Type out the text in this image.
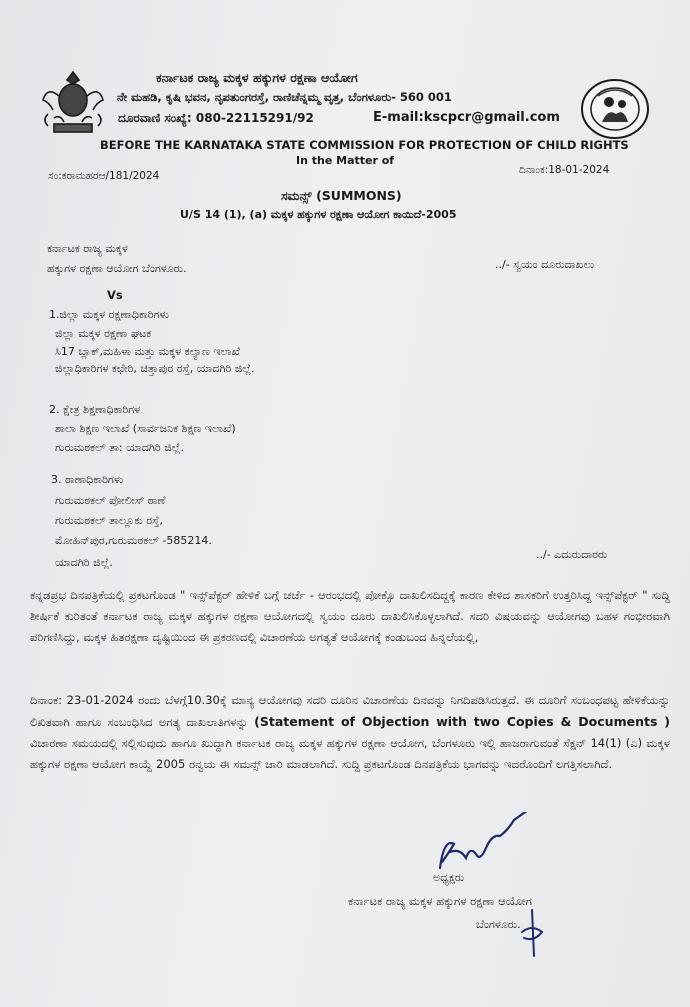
ಕರ್ನಾಟಕ ರಾಜ್ಯ ಮಕ್ಕಳ ಹಕ್ಕುಗಳ ರಕ್ಷಣಾ ಆಯೋಗ
ನೇ ಮಹಡಿ, ಕೃಷಿ ಭವನ, ನೃಪತುಂಗರಸ್ತೆ, ರಾಣಿಚೆನ್ನಮ್ಮ ವೃತ್ತ, ಬೆಂಗಳೂರು- 560 001
ದೂರವಾಣಿ ಸಂಖ್ಯೆ: 080-22115291/92	E-mail:kscpcr@gmail.com
BEFORE THE KARNATAKA STATE COMMISSION FOR PROTECTION OF CHILD RIGHTS
In the Matter of
ಸಂ:ಕರಾಮಹರಆ/181/2024	ದಿನಾಂಕ:18-01-2024
ಸಮನ್ಸ್ (SUMMONS)
U/S 14 (1), (a) ಮಕ್ಕಳ ಹಕ್ಕುಗಳ ರಕ್ಷಣಾ ಆಯೋಗ ಕಾಯಿದೆ-2005
ಕರ್ನಾಟಕ ರಾಜ್ಯ ಮಕ್ಕಳ
ಹಕ್ಕುಗಳ ರಕ್ಷಣಾ ಆಯೋಗ ಬೆಂಗಳೂರು.	../- ಸ್ವಯಂ ದೂರುದಾಖಲು
Vs
1.ಜಿಲ್ಲಾ ಮಕ್ಕಳ ರಕ್ಷಣಾಧಿಕಾರಿಗಳು
ಜಿಲ್ಲಾ ಮಕ್ಕಳ ರಕ್ಷಣಾ ಘಟಕ
ಸಿ17 ಬ್ಲಾಕ್,ಮಹಿಳಾ ಮತ್ತು ಮಕ್ಕಳ ಕಲ್ಯಾಣ ಇಲಾಖೆ
ಜಿಲ್ಲಾಧಿಕಾರಿಗಳ ಕಛೇರಿ, ಚಿತ್ತಾಪುರ ರಸ್ತೆ, ಯಾದಗಿರಿ ಜಿಲ್ಲೆ.
2. ಕ್ಷೇತ್ರ ಶಿಕ್ಷಣಾಧಿಕಾರಿಗಳ
ಶಾಲಾ ಶಿಕ್ಷಣ ಇಲಾಖೆ (ಸಾರ್ವಜನಿಕ ಶಿಕ್ಷಣ ಇಲಾಖೆ)
ಗುರುಮಠಕಲ್ ತಾ: ಯಾದಗಿರಿ ಜಿಲ್ಲೆ.
3. ಠಾಣಾಧಿಕಾರಿಗಳು
ಗುರುಮಠಕಲ್ ಪೋಲೀಸ್ ಠಾಣೆ
ಗುರುಮಠಕಲ್ ತಾಲ್ಲೂಕು ರಸ್ತೆ,
ಮೋಹಿನ್‌ಪುರ,ಗುರುಮಠಕಲ್ -585214.
ಯಾದಗಿರಿ ಜಿಲ್ಲೆ.
../- ಎದುರುದಾರರು
ಕನ್ನಡಪ್ರಭ ದಿನಪತ್ರಿಕೆಯಲ್ಲಿ ಪ್ರಕಟಗೊಂಡ " ಇನ್ಸ್‌ಪೆಕ್ಟರ್ ಹೇಳಿಕೆ ಬಗ್ಗೆ ಚರ್ಚೆ - ಆರಂಭದಲ್ಲಿ ಪೋಕ್ಸೊ ದಾಖಲಿಸದಿದ್ದಕ್ಕೆ ಕಾರಣ ಕೇಳಿದ ಶಾಸಕರಿಗೆ ಉತ್ತರಿಸಿದ್ದ ಇನ್ಸ್‌ಪೆಕ್ಟರ್ " ಸುದ್ದಿ ಶೀರ್ಷಿಕೆ ಕುರಿತಂತೆ ಕರ್ನಾಟಕ ರಾಜ್ಯ ಮಕ್ಕಳ ಹಕ್ಕುಗಳ ರಕ್ಷಣಾ ಆಯೋಗದಲ್ಲಿ ಸ್ವಯಂ ದೂರು ದಾಖಲಿಸಿಕೊಳ್ಳಲಾಗಿದೆ. ಸದರಿ ವಿಷಯವನ್ನು ಆಯೋಗವು ಬಹಳ ಗಂಭೀರವಾಗಿ ಪರಿಗಣಿಸಿದ್ದು, ಮಕ್ಕಳ ಹಿತರಕ್ಷಣಾ ದೃಷ್ಟಿಯಿಂದ ಈ ಪ್ರಕರಣದಲ್ಲಿ ವಿಚಾರಣೆಯ ಅಗತ್ಯತೆ ಆಯೋಗಕ್ಕೆ ಕಂಡುಬಂದ ಹಿನ್ನಲೆಯಲ್ಲಿ,
ದಿನಾಂಕ: 23-01-2024 ರಂದು ಬೆಳಗ್ಗೆ10.30ಕ್ಕೆ ಮಾನ್ಯ ಆಯೋಗವು ಸದರಿ ದೂರಿನ ವಿಚಾರಣೆಯ ದಿನವನ್ನು ನಿಗದಿಪಡಿಸಿರುತ್ತದೆ. ಈ ದೂರಿಗೆ ಸಂಬಂಧಪಟ್ಟ ಹೇಳಿಕೆಯನ್ನು ಲಿಖಿತವಾಗಿ ಹಾಗೂ ಸಂಬಂಧಿಸಿದ ಅಗತ್ಯ ದಾಖಲಾತಿಗಳನ್ನು (Statement of Objection with two Copies & Documents ) ವಿಚಾರಣಾ ಸಮಯದಲ್ಲಿ ಸಲ್ಲಿಸುವುದು ಹಾಗೂ ಖುದ್ದಾಗಿ ಕರ್ನಾಟಕ ರಾಜ್ಯ ಮಕ್ಕಳ ಹಕ್ಕುಗಳ ರಕ್ಷಣಾ ಆಯೋಗ, ಬೆಂಗಳೂರು ಇಲ್ಲಿ ಹಾಜರಾಗುವಂತೆ ಸೆಕ್ಷನ್ 14(1) (ಎ) ಮಕ್ಕಳ ಹಕ್ಕುಗಳ ರಕ್ಷಣಾ ಆಯೋಗ ಕಾಯ್ದೆ 2005 ರನ್ವಯ ಈ ಸಮನ್ಸ್ ಜಾರಿ ಮಾಡಲಾಗಿದೆ. ಸುದ್ದಿ ಪ್ರಕಟಗೊಂಡ ದಿನಪತ್ರಿಕೆಯ ಭಾಗವನ್ನು ಇದರೊಂದಿಗೆ ಲಗತ್ತಿಸಲಾಗಿದೆ.
ಅಧ್ಯಕ್ಷರು
ಕರ್ನಾಟಕ ರಾಜ್ಯ ಮಕ್ಕಳ ಹಕ್ಕುಗಳ ರಕ್ಷಣಾ ಆಯೋಗ
ಬೆಂಗಳೂರು.
